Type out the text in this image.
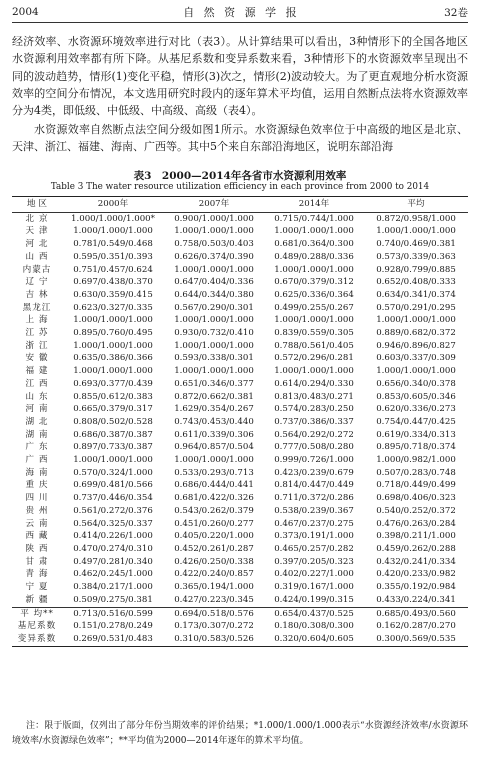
2004	自 然 资 源 学 报	32卷

经济效率、水资源环境效率进行对比（表3）。从计算结果可以看出，3种情形下的全国各地区水资源利用效率都有所下降。从基尼系数和变异系数来看，3种情形下的水资源效率呈现出不同的波动趋势，情形(1)变化平稳，情形(3)次之，情形(2)波动较大。为了更直观地分析水资源效率的空间分布情况，本文选用研究时段内的逐年算术平均值，运用自然断点法将水资源效率分为4类，即低级、中低级、中高级、高级（表4）。

水资源效率自然断点法空间分级如图1所示。水资源绿色效率位于中高级的地区是北京、天津、浙江、福建、海南、广西等。其中5个来自东部沿海地区，说明东部沿海

表3　2000—2014年各省市水资源利用效率
Table 3 The water resource utilization efficiency in each province from 2000 to 2014
地 区	2000年	2007年	2014年	平均
北 京	1.000/1.000/1.000*	0.900/1.000/1.000	0.715/0.744/1.000	0.872/0.958/1.000
天 津	1.000/1.000/1.000	1.000/1.000/1.000	1.000/1.000/1.000	1.000/1.000/1.000
河 北	0.781/0.549/0.468	0.758/0.503/0.403	0.681/0.364/0.300	0.740/0.469/0.381
山 西	0.595/0.351/0.393	0.626/0.374/0.390	0.489/0.288/0.336	0.573/0.339/0.363
内蒙古	0.751/0.457/0.624	1.000/1.000/1.000	1.000/1.000/1.000	0.928/0.799/0.885
辽 宁	0.697/0.438/0.370	0.647/0.404/0.336	0.670/0.379/0.312	0.652/0.408/0.333
吉 林	0.630/0.359/0.415	0.644/0.344/0.380	0.625/0.336/0.364	0.634/0.341/0.374
黑龙江	0.623/0.327/0.335	0.567/0.290/0.301	0.499/0.255/0.267	0.570/0.291/0.295
上 海	1.000/1.000/1.000	1.000/1.000/1.000	1.000/1.000/1.000	1.000/1.000/1.000
江 苏	0.895/0.760/0.495	0.930/0.732/0.410	0.839/0.559/0.305	0.889/0.682/0.372
浙 江	1.000/1.000/1.000	1.000/1.000/1.000	0.788/0.561/0.405	0.946/0.896/0.827
安 徽	0.635/0.386/0.366	0.593/0.338/0.301	0.572/0.296/0.281	0.603/0.337/0.309
福 建	1.000/1.000/1.000	1.000/1.000/1.000	1.000/1.000/1.000	1.000/1.000/1.000
江 西	0.693/0.377/0.439	0.651/0.346/0.377	0.614/0.294/0.330	0.656/0.340/0.378
山 东	0.855/0.612/0.383	0.872/0.662/0.381	0.813/0.483/0.271	0.853/0.605/0.346
河 南	0.665/0.379/0.317	1.629/0.354/0.267	0.574/0.283/0.250	0.620/0.336/0.273
湖 北	0.808/0.502/0.528	0.743/0.453/0.440	0.737/0.386/0.337	0.754/0.447/0.425
湖 南	0.686/0.387/0.387	0.611/0.339/0.306	0.564/0.292/0.272	0.619/0.334/0.313
广 东	0.897/0.733/0.387	0.964/0.857/0.504	0.777/0.508/0.280	0.895/0.718/0.374
广 西	1.000/1.000/1.000	1.000/1.000/1.000	0.999/0.726/1.000	1.000/0.982/1.000
海 南	0.570/0.324/1.000	0.533/0.293/0.713	0.423/0.239/0.679	0.507/0.283/0.748
重 庆	0.699/0.481/0.566	0.686/0.444/0.441	0.814/0.447/0.449	0.718/0.449/0.499
四 川	0.737/0.446/0.354	0.681/0.422/0.326	0.711/0.372/0.286	0.698/0.406/0.323
贵 州	0.561/0.272/0.376	0.543/0.262/0.379	0.538/0.239/0.367	0.540/0.252/0.372
云 南	0.564/0.325/0.337	0.451/0.260/0.277	0.467/0.237/0.275	0.476/0.263/0.284
西 藏	0.414/0.226/1.000	0.405/0.220/1.000	0.373/0.191/1.000	0.398/0.211/1.000
陕 西	0.470/0.274/0.310	0.452/0.261/0.287	0.465/0.257/0.282	0.459/0.262/0.288
甘 肃	0.497/0.281/0.340	0.426/0.250/0.338	0.397/0.205/0.323	0.432/0.241/0.334
青 海	0.462/0.245/1.000	0.422/0.240/0.857	0.402/0.227/1.000	0.420/0.233/0.982
宁 夏	0.384/0.217/1.000	0.365/0.194/1.000	0.319/0.167/1.000	0.355/0.192/0.984
新 疆	0.509/0.275/0.381	0.427/0.223/0.345	0.424/0.199/0.315	0.433/0.224/0.341
平 均**	0.713/0.516/0.599	0.694/0.518/0.576	0.654/0.437/0.525	0.685/0.493/0.560
基尼系数	0.151/0.278/0.249	0.173/0.307/0.272	0.180/0.308/0.300	0.162/0.287/0.270
变异系数	0.269/0.531/0.483	0.310/0.583/0.526	0.320/0.604/0.605	0.300/0.569/0.535

注：限于版面，仅列出了部分年份当期效率的评价结果；*1.000/1.000/1.000表示“水资源经济效率/水资源环境效率/水资源绿色效率”；**平均值为2000—2014年逐年的算术平均值。
